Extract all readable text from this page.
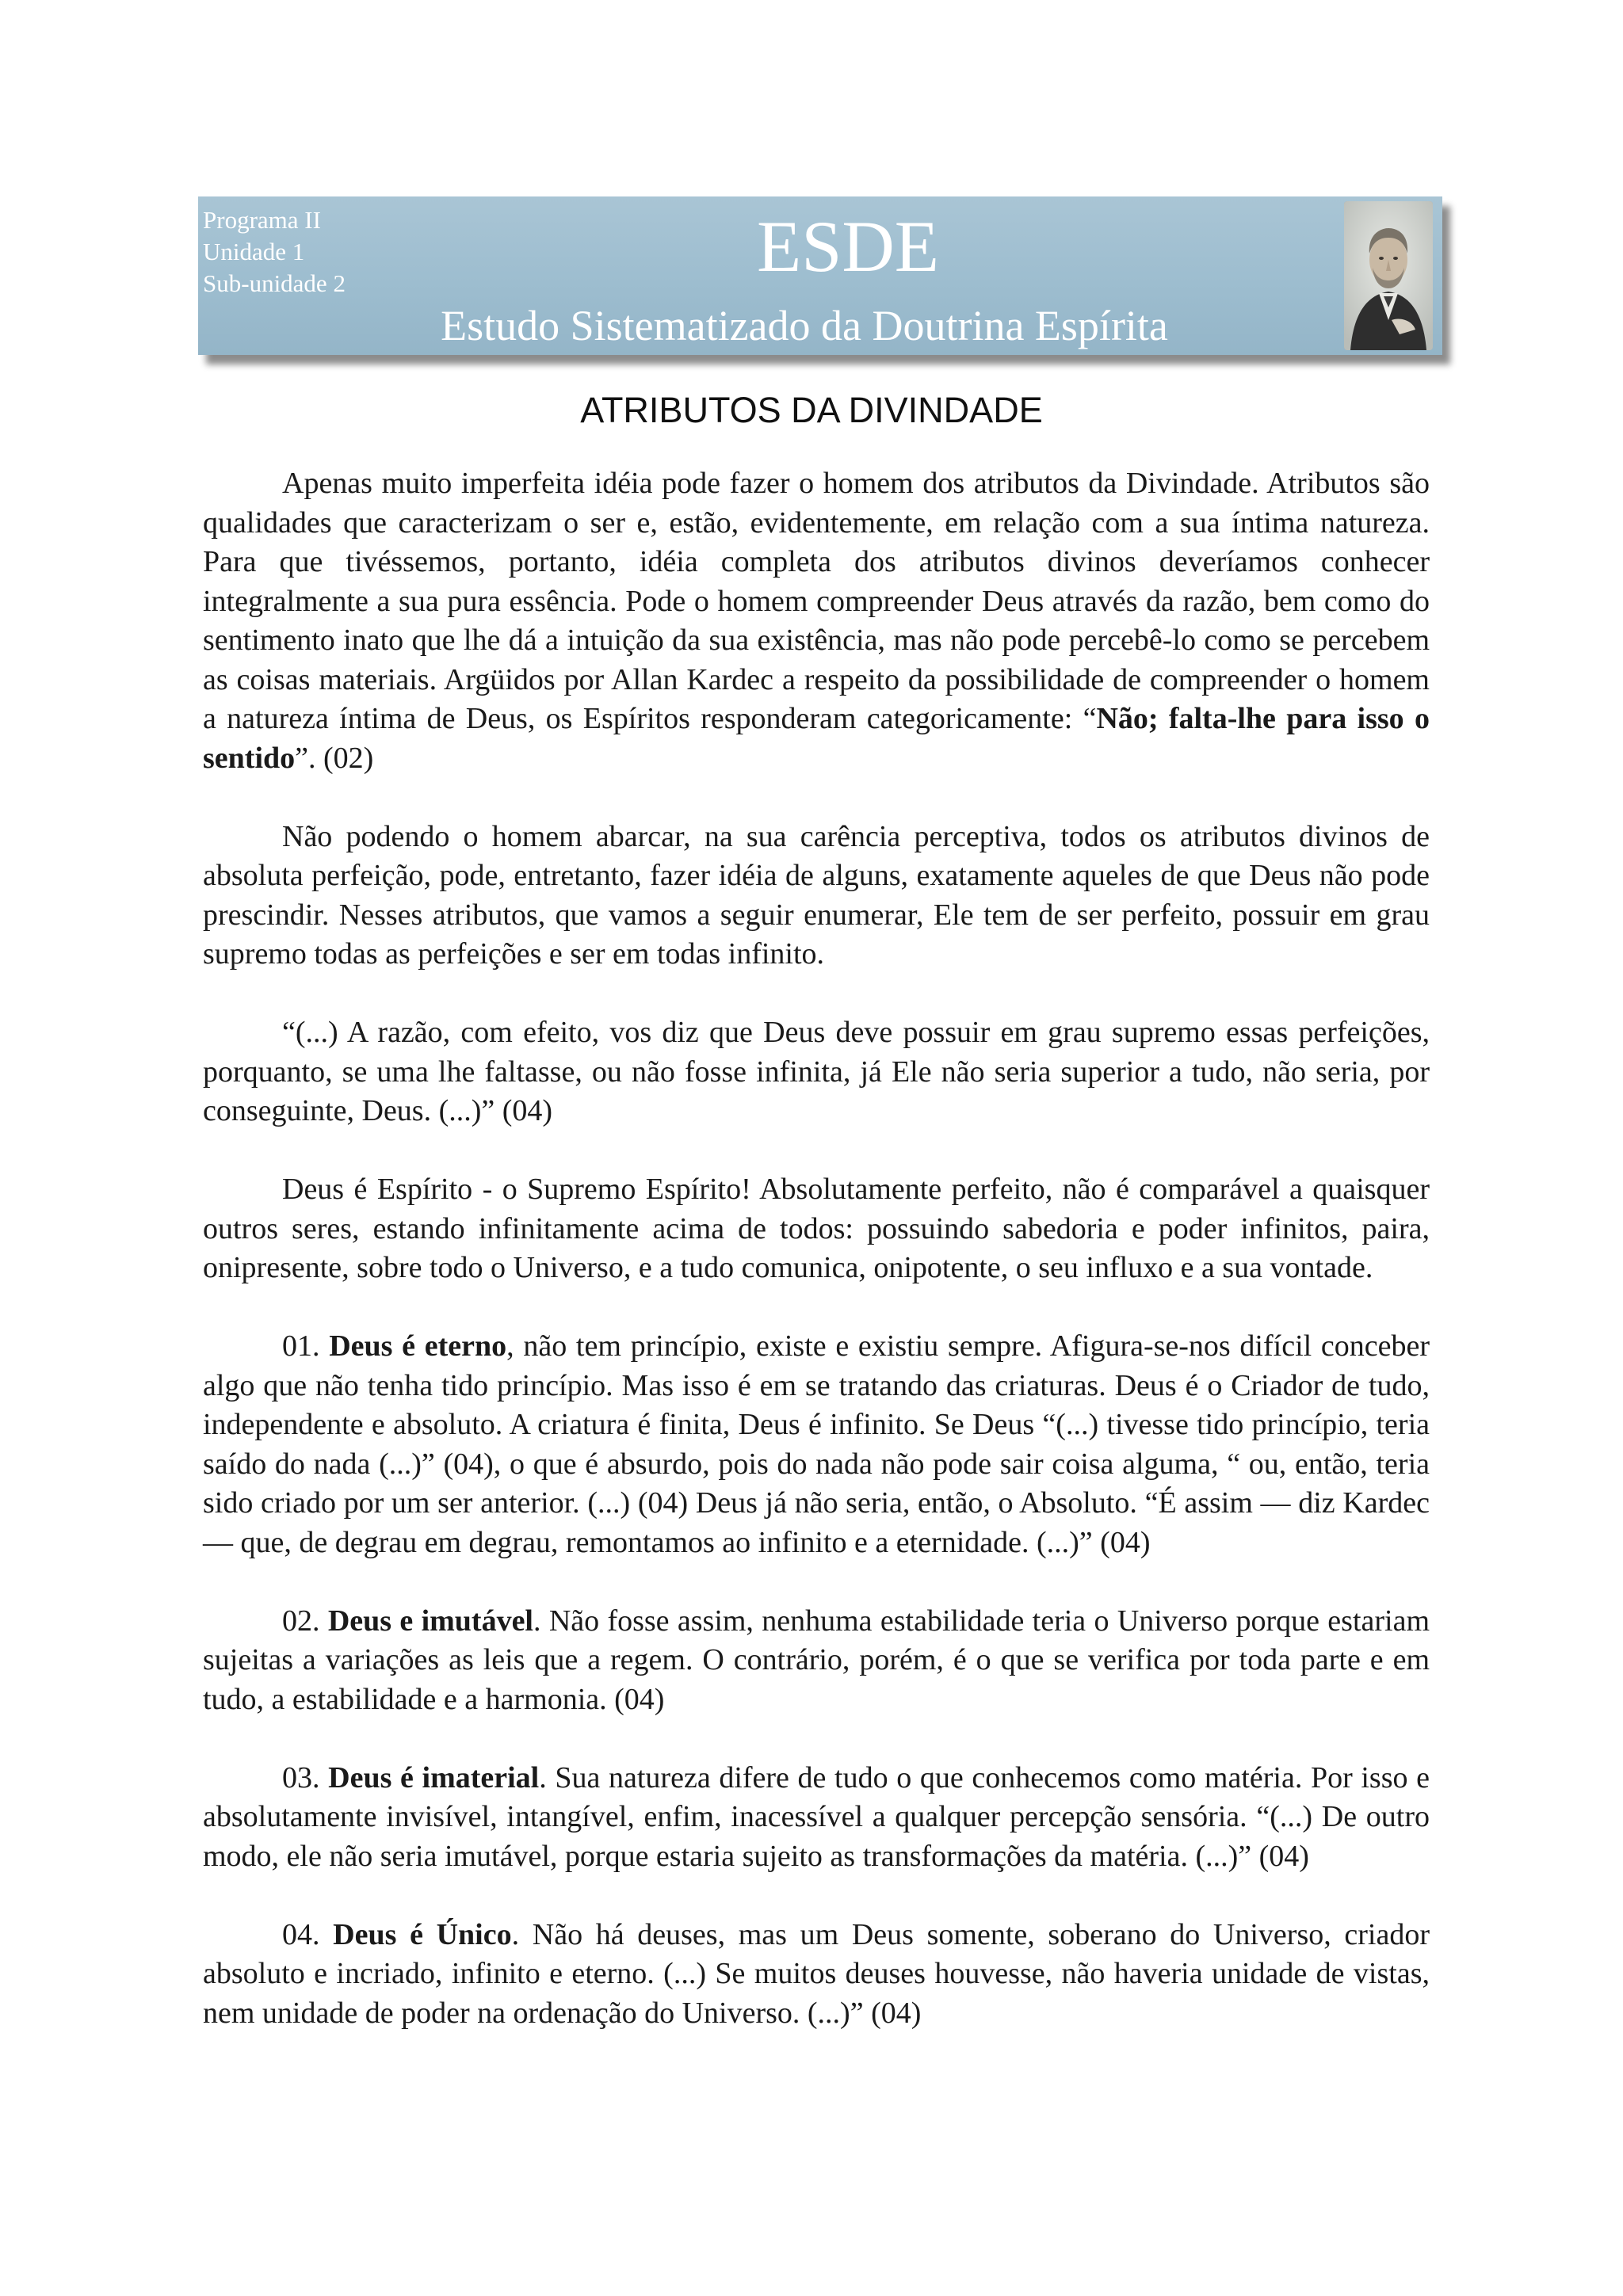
Programa II
Unidade 1
Sub-unidade 2	ESDE
Estudo Sistematizado da Doutrina Espírita
ATRIBUTOS DA DIVINDADE

Apenas muito imperfeita idéia pode fazer o homem dos atributos da Divindade. Atributos são qualidades que caracterizam o ser e, estão, evidentemente, em relação com a sua íntima natureza. Para que tivéssemos, portanto, idéia completa dos atributos divinos deveríamos conhecer integralmente a sua pura essência. Pode o homem compreender Deus através da razão, bem como do sentimento inato que lhe dá a intuição da sua existência, mas não pode percebê-lo como se percebem as coisas materiais. Argüidos por Allan Kardec a respeito da possibilidade de compreender o homem a natureza íntima de Deus, os Espíritos responderam categoricamente: “Não; falta-lhe para isso o sentido”. (02)

Não podendo o homem abarcar, na sua carência perceptiva, todos os atributos divinos de absoluta perfeição, pode, entretanto, fazer idéia de alguns, exatamente aqueles de que Deus não pode prescindir. Nesses atributos, que vamos a seguir enumerar, Ele tem de ser perfeito, possuir em grau supremo todas as perfeições e ser em todas infinito.

“(...) A razão, com efeito, vos diz que Deus deve possuir em grau supremo essas perfeições, porquanto, se uma lhe faltasse, ou não fosse infinita, já Ele não seria superior a tudo, não seria, por conseguinte, Deus. (...)” (04)

Deus é Espírito - o Supremo Espírito! Absolutamente perfeito, não é comparável a quaisquer outros seres, estando infinitamente acima de todos: possuindo sabedoria e poder infinitos, paira, onipresente, sobre todo o Universo, e a tudo comunica, onipotente, o seu influxo e a sua vontade.

01. Deus é eterno, não tem princípio, existe e existiu sempre. Afigura-se-nos difícil conceber algo que não tenha tido princípio. Mas isso é em se tratando das criaturas. Deus é o Criador de tudo, independente e absoluto. A criatura é finita, Deus é infinito. Se Deus “(...) tivesse tido princípio, teria saído do nada (...)” (04), o que é absurdo, pois do nada não pode sair coisa alguma, “ ou, então, teria sido criado por um ser anterior. (...) (04) Deus já não seria, então, o Absoluto. “É assim — diz Kardec — que, de degrau em degrau, remontamos ao infinito e a eternidade. (...)” (04)

02. Deus e imutável. Não fosse assim, nenhuma estabilidade teria o Universo porque estariam sujeitas a variações as leis que a regem. O contrário, porém, é o que se verifica por toda parte e em tudo, a estabilidade e a harmonia. (04)

03. Deus é imaterial. Sua natureza difere de tudo o que conhecemos como matéria. Por isso e absolutamente invisível, intangível, enfim, inacessível a qualquer percepção sensória. “(...) De outro modo, ele não seria imutável, porque estaria sujeito as transformações da matéria. (...)” (04)

04. Deus é Único. Não há deuses, mas um Deus somente, soberano do Universo, criador absoluto e incriado, infinito e eterno. (...) Se muitos deuses houvesse, não haveria unidade de vistas, nem unidade de poder na ordenação do Universo. (...)” (04)
